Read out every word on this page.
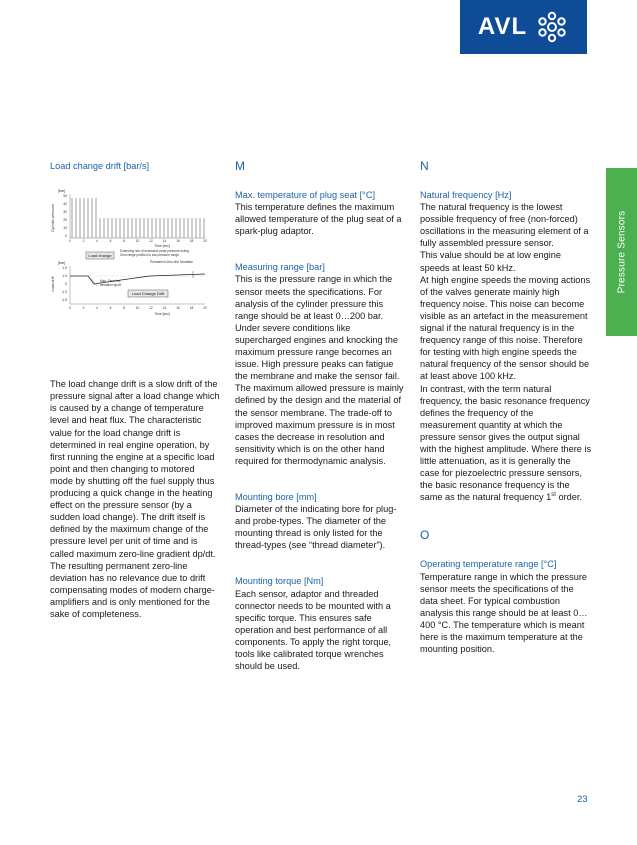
AVL
Pressure Sensors
Load change drift [bar/s]
[bar]
Cylinder pressure
50
40
30
20
10
0
0	2	4	6	8	10	12	14	16	18	20
Time [sec]
Extending line of excessive peak pressure acting
Zero range position to low pressure range
Load change
Permanent Zero-line Deviation
[bar]
Load drift
1.5
1.0
0
-1.0
-1.5
Max. Zero-line
deviation dp/dt
Load Change Drift
0	2	4	6	8	10	12	14	16	18	20
Time [sec]

The load change drift is a slow drift of the pressure signal after a load change which is caused by a change of temperature level and heat flux. The characteristic value for the load change drift is determined in real engine operation, by first running the engine at a specific load point and then changing to motored mode by shutting off the fuel supply thus producing a quick change in the heating effect on the pressure sensor (by a sudden load change). The drift itself is defined by the maximum change of the pressure level per unit of time and is called maximum zero-line gradient dp/dt.

The resulting permanent zero-line deviation has no relevance due to drift compensating modes of modern charge-amplifiers and is only mentioned for the sake of completeness.

M
Max. temperature of plug seat [°C]

This temperature defines the maximum allowed temperature of the plug seat of a spark-plug adaptor.

Measuring range [bar]

This is the pressure range in which the sensor meets the specifications. For analysis of the cylinder pressure this range should be at least 0…200 bar.

Under severe conditions like supercharged engines and knocking the maximum pressure range becomes an issue. High pressure peaks can fatigue the membrane and make the sensor fail. The maximum allowed pressure is mainly defined by the design and the material of the sensor membrane. The trade-off to improved maximum pressure is in most cases the decrease in resolution and sensitivity which is on the other hand required for thermodynamic analysis.

Mounting bore [mm]

Diameter of the indicating bore for plug- and probe-types. The diameter of the mounting thread is only listed for the thread-types (see “thread diameter”).

Mounting torque [Nm]

Each sensor, adaptor and threaded connector needs to be mounted with a specific torque. This ensures safe operation and best performance of all components. To apply the right torque, tools like calibrated torque wrenches should be used.

N
Natural frequency [Hz]

The natural frequency is the lowest possible frequency of free (non-forced) oscillations in the measuring element of a fully assembled pressure sensor.

This value should be at low engine speeds at least 50 kHz.

At high engine speeds the moving actions of the valves generate mainly high frequency noise. This noise can become visible as an artefact in the measurement signal if the natural frequency is in the frequency range of this noise. Therefore for testing with high engine speeds the natural frequency of the sensor should be at least above 100 kHz.

In contrast, with the term natural frequency, the basic resonance frequency defines the frequency of the measurement quantity at which the pressure sensor gives the output signal with the highest amplitude. Where there is little attenuation, as it is generally the case for piezoelectric pressure sensors, the basic resonance frequency is the same as the natural frequency 1st order.

O
Operating temperature range [°C]

Temperature range in which the pressure sensor meets the specifications of the data sheet. For typical combustion analysis this range should be at least 0…400 °C. The temperature which is meant here is the maximum temperature at the mounting position.

23
